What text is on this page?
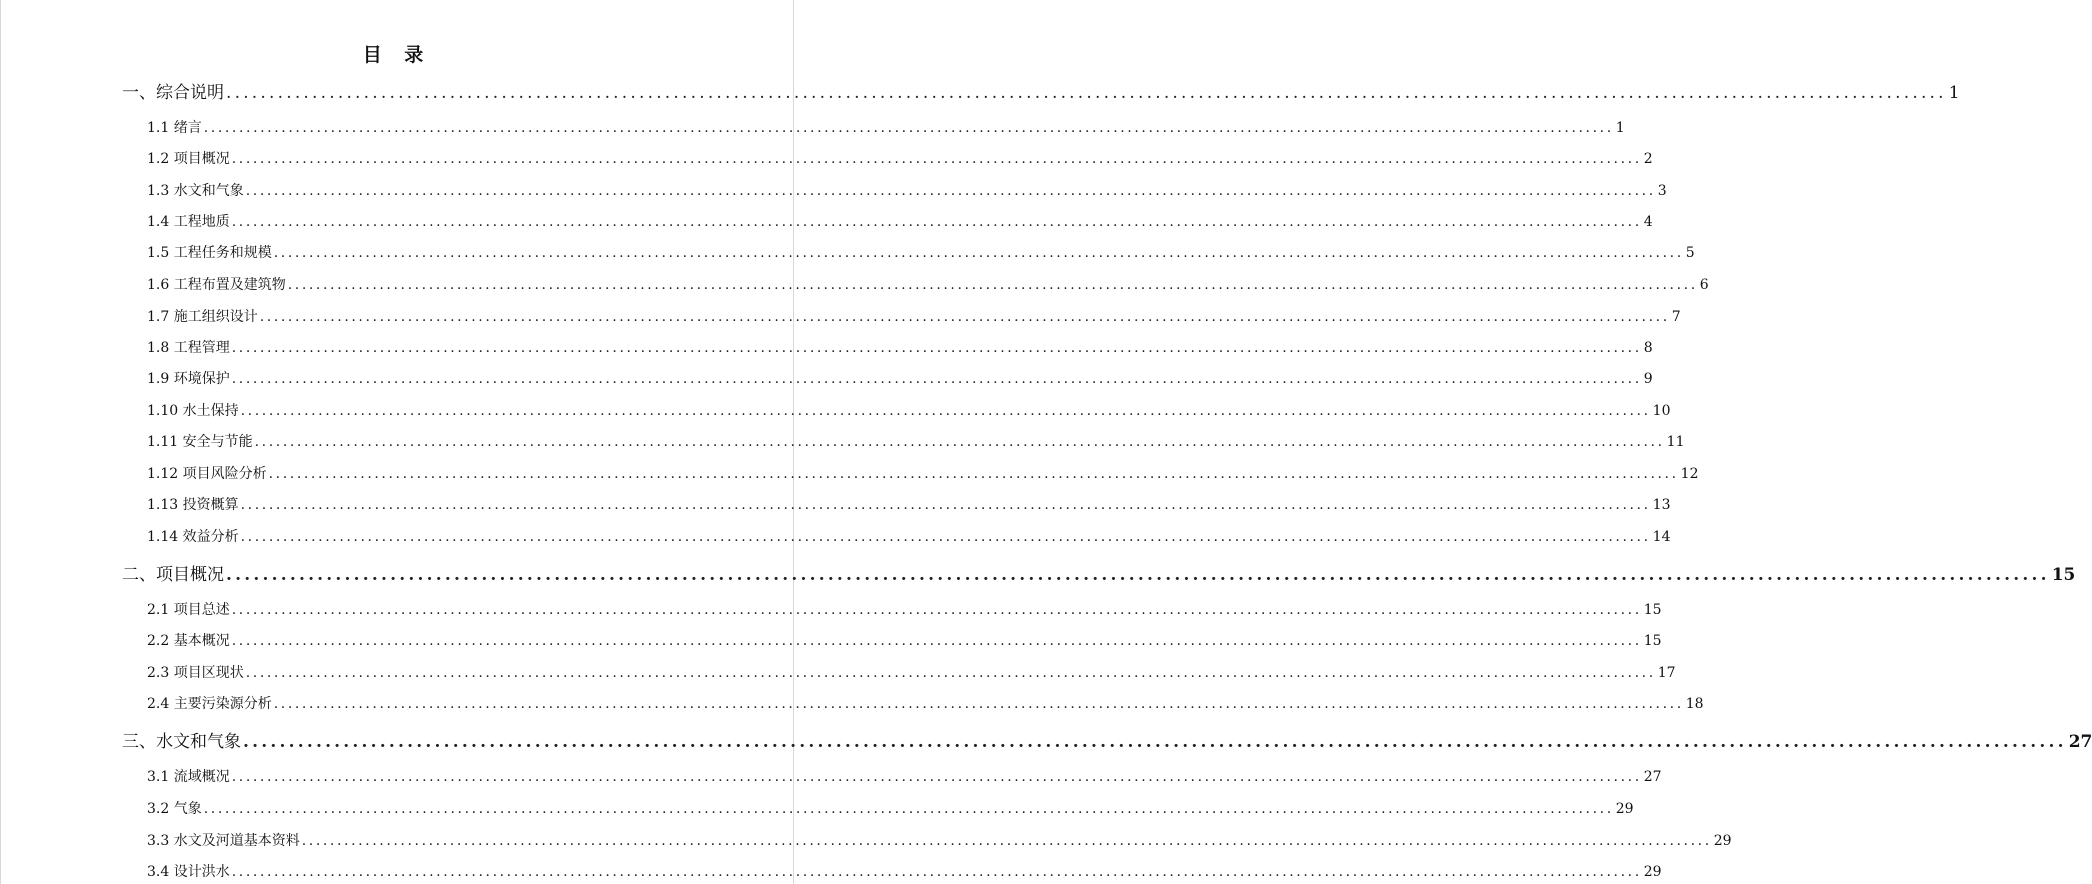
目 录
一、综合说明 ........................................................................................................................................................................................................ 1
1.1 绪言 ........................................................................................................................................................................................................ 1
1.2 项目概况 ........................................................................................................................................................................................................ 2
1.3 水文和气象 ........................................................................................................................................................................................................ 3
1.4 工程地质 ........................................................................................................................................................................................................ 4
1.5 工程任务和规模 ........................................................................................................................................................................................................ 5
1.6 工程布置及建筑物 ........................................................................................................................................................................................................ 6
1.7 施工组织设计 ........................................................................................................................................................................................................ 7
1.8 工程管理 ........................................................................................................................................................................................................ 8
1.9 环境保护 ........................................................................................................................................................................................................ 9
1.10 水土保持 ........................................................................................................................................................................................................ 10
1.11 安全与节能 ........................................................................................................................................................................................................ 11
1.12 项目风险分析 ........................................................................................................................................................................................................ 12
1.13 投资概算 ........................................................................................................................................................................................................ 13
1.14 效益分析 ........................................................................................................................................................................................................ 14
二、项目概况 ........................................................................................................................................................................................................ 15
2.1 项目总述 ........................................................................................................................................................................................................ 15
2.2 基本概况 ........................................................................................................................................................................................................ 15
2.3 项目区现状 ........................................................................................................................................................................................................ 17
2.4 主要污染源分析 ........................................................................................................................................................................................................ 18
三、水文和气象 ........................................................................................................................................................................................................ 27
3.1 流域概况 ........................................................................................................................................................................................................ 27
3.2 气象 ........................................................................................................................................................................................................ 29
3.3 水文及河道基本资料 ........................................................................................................................................................................................................ 29
3.4 设计洪水 ........................................................................................................................................................................................................ 29
